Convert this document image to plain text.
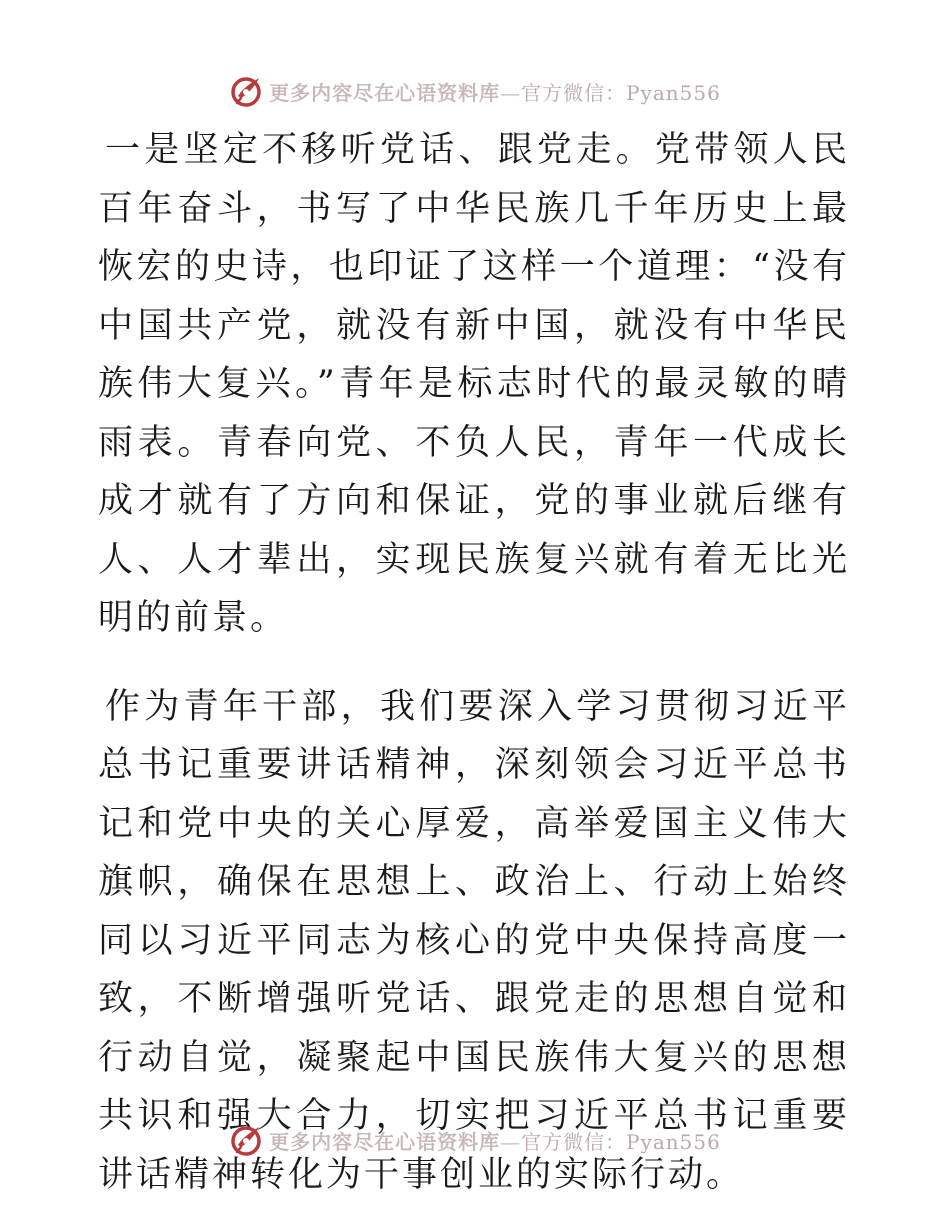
更多内容尽在心语资料库—官方微信：Pyan556

一是坚定不移听党话、跟党走。党带领人民百年奋斗，书写了中华民族几千年历史上最恢宏的史诗，也印证了这样一个道理：“没有中国共产党，就没有新中国，就没有中华民族伟大复兴。”青年是标志时代的最灵敏的晴雨表。青春向党、不负人民，青年一代成长成才就有了方向和保证，党的事业就后继有人、人才辈出，实现民族复兴就有着无比光明的前景。

作为青年干部，我们要深入学习贯彻习近平总书记重要讲话精神，深刻领会习近平总书记和党中央的关心厚爱，高举爱国主义伟大旗帜，确保在思想上、政治上、行动上始终同以习近平同志为核心的党中央保持高度一致，不断增强听党话、跟党走的思想自觉和行动自觉，凝聚起中国民族伟大复兴的思想共识和强大合力，切实把习近平总书记重要讲话精神转化为干事创业的实际行动。

更多内容尽在心语资料库—官方微信：Pyan556
